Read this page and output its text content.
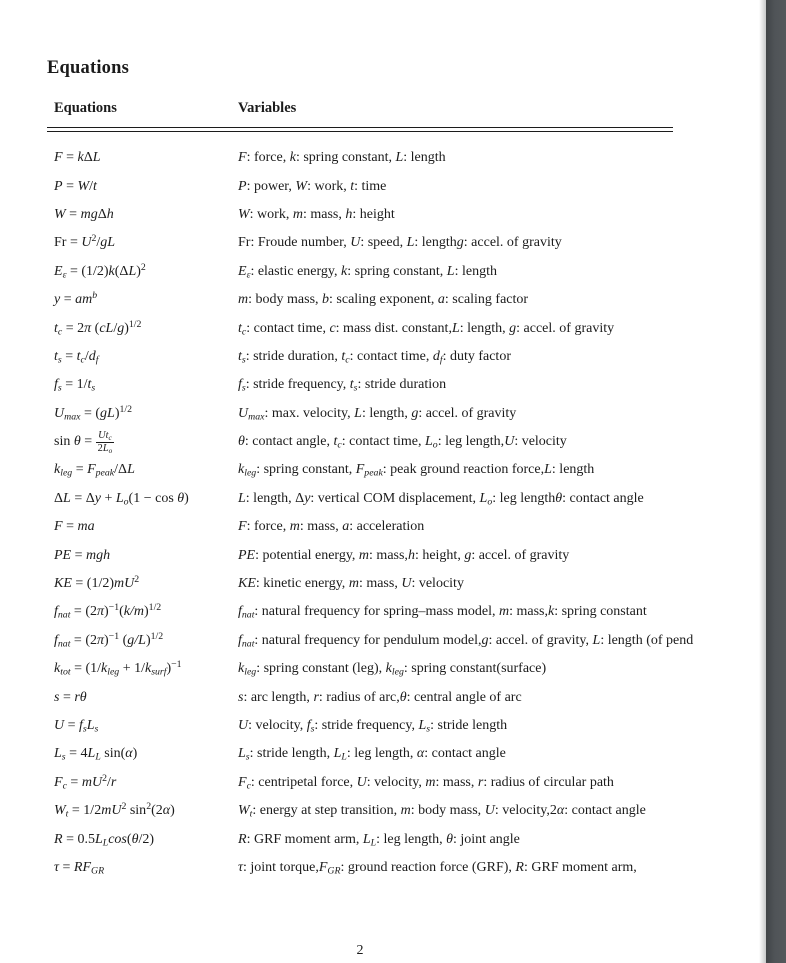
Equations
Equations	Variables
F = kΔL	F: force, k: spring constant, L: length
P = W/t	P: power, W: work, t: time
W = mgΔh	W: work, m: mass, h: height
$Fr = U^2/gL$	Fr: Froude number, U: speed, L: lengthg: accel. of gravity
$E_\varepsilon = (1/2)k(\Delta L)^2$	$E_\varepsilon$: elastic energy, k: spring constant, L: length
$y = am^b$	m: body mass, b: scaling exponent, a: scaling factor
$t_c = 2\pi$ $(cL/g)^{1/2}$	$t_c$: contact time, c: mass dist. constant,L: length, g: accel. of gravity
$t_s = t_c/d_f$	$t_s$: stride duration, $t_c$: contact time, $d_f$: duty factor
$f_s = 1/t_s$	$f_s$: stride frequency, $t_s$: stride duration
$U_{max} = (gL)^{1/2}$	$U_{max}$: max. velocity, L: length, g: accel. of gravity
$\sin \theta = \frac{Ut_c}{2L_o}$	θ: contact angle, $t_c$: contact time, $L_o$: leg length,U: velocity
$k_{leg} = F_{peak}/\Delta L$	$k_{leg}$: spring constant, $F_{peak}$: peak ground reaction force,L: length
$\Delta L = \Delta y + L_o(1 - \cos \theta)$	L: length, Δy: vertical COM displacement, $L_o$: leg lengthθ: contact angle
F = ma	F: force, m: mass, a: acceleration
PE = mgh	PE: potential energy, m: mass,h: height, g: accel. of gravity
KE = $(1/2)mU^2$	KE: kinetic energy, m: mass, U: velocity
$f_{nat} = (2\pi)^{-1}(k/m)^{1/2}$	$f_{nat}$: natural frequency for spring–mass model, m: mass,k: spring constant
$f_{nat} = (2\pi)^{-1}$ $(g/L)^{1/2}$	$f_{nat}$: natural frequency for pendulum model,g: accel. of gravity, L: length (of pend
$k_{tot} = (1/k_{leg} + 1/k_{surf})^{-1}$	$k_{leg}$: spring constant (leg), $k_{leg}$: spring constant(surface)
s = rθ	s: arc length, r: radius of arc,θ: central angle of arc
$U = f_sL_s$	U: velocity, $f_s$: stride frequency, $L_s$: stride length
$L_s = 4L_L$ sin(α)	$L_s$: stride length, $L_L$: leg length, α: contact angle
$F_c = mU^2/r$	$F_c$: centripetal force, U: velocity, m: mass, r: radius of circular path
$W_t = 1/2mU^2$ $\sin^2(2\alpha)$	$W_t$: energy at step transition, m: body mass, U: velocity,2α: contact angle
$R = 0.5L_L\cos(\theta/2)$	R: GRF moment arm, $L_L$: leg length, θ: joint angle
$\tau = RF_{GR}$	τ: joint $torque,F_{GR}$: ground reaction force (GRF), R: GRF moment arm,
2
